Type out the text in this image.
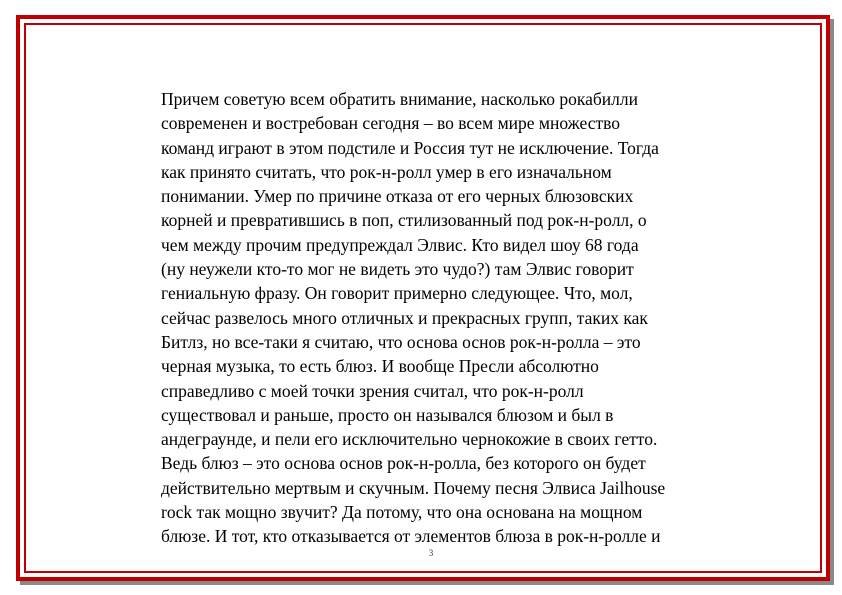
Причем советую всем обратить внимание, насколько рокабилли
современен и востребован сегодня – во всем мире множество
команд играют в этом подстиле и Россия тут не исключение. Тогда
как принято считать, что рок-н-ролл умер в его изначальном
понимании. Умер по причине отказа от его черных блюзовских
корней и превратившись в поп, стилизованный под рок-н-ролл, о
чем между прочим предупреждал Элвис. Кто видел шоу 68 года
(ну неужели кто-то мог не видеть это чудо?) там Элвис говорит
гениальную фразу. Он говорит примерно следующее. Что, мол,
сейчас развелось много отличных и прекрасных групп, таких как
Битлз, но все-таки я считаю, что основа основ рок-н-ролла – это
черная музыка, то есть блюз. И вообще Пресли абсолютно
справедливо с моей точки зрения считал, что рок-н-ролл
существовал и раньше, просто он назывался блюзом и был в
андеграунде, и пели его исключительно чернокожие в своих гетто.
Ведь блюз – это основа основ рок-н-ролла, без которого он будет
действительно мертвым и скучным. Почему песня Элвиса Jailhouse
rock так мощно звучит? Да потому, что она основана на мощном
блюзе. И тот, кто отказывается от элементов блюза в рок-н-ролле и
3
